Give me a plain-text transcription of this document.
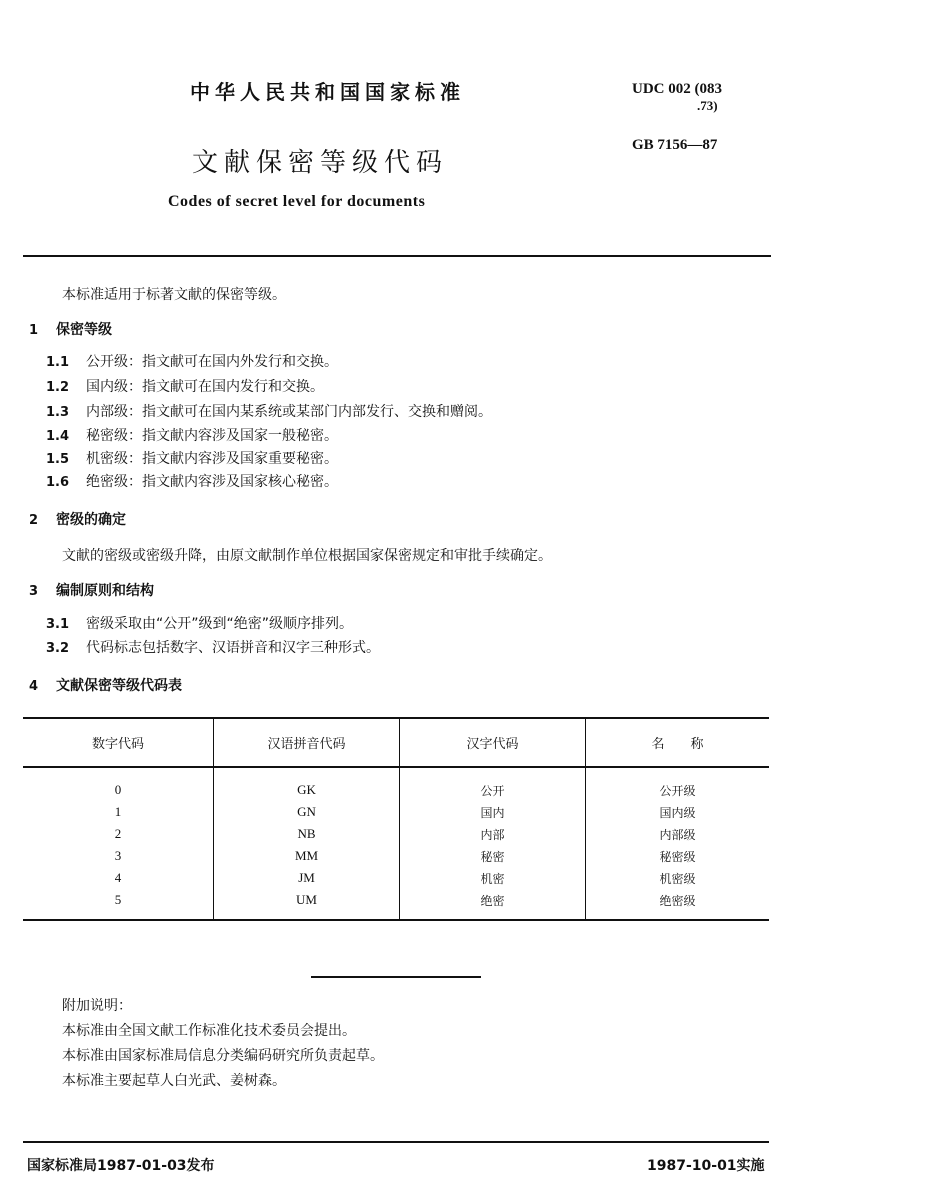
中华人民共和国国家标准	UDC 002 (083
.73)
GB 7156—87
文献保密等级代码
Codes of secret level for documents
本标准适用于标著文献的保密等级。
1 保密等级
1.1 公开级：指文献可在国内外发行和交换。
1.2 国内级：指文献可在国内发行和交换。
1.3 内部级：指文献可在国内某系统或某部门内部发行、交换和赠阅。
1.4 秘密级：指文献内容涉及国家一般秘密。
1.5 机密级：指文献内容涉及国家重要秘密。
1.6 绝密级：指文献内容涉及国家核心秘密。
2 密级的确定
文献的密级或密级升降，由原文献制作单位根据国家保密规定和审批手续确定。
3 编制原则和结构
3.1 密级采取由“公开”级到“绝密”级顺序排列。
3.2 代码标志包括数字、汉语拼音和汉字三种形式。
4 文献保密等级代码表
数字代码	汉语拼音代码	汉字代码	名　　称
0	GK	公开	公开级
1	GN	国内	国内级
2	NB	内部	内部级
3	MM	秘密	秘密级
4	JM	机密	机密级
5	UM	绝密	绝密级
附加说明：
本标准由全国文献工作标准化技术委员会提出。
本标准由国家标准局信息分类编码研究所负责起草。
本标准主要起草人白光武、姜树森。
国家标准局1987-01-03发布	1987-10-01实施
